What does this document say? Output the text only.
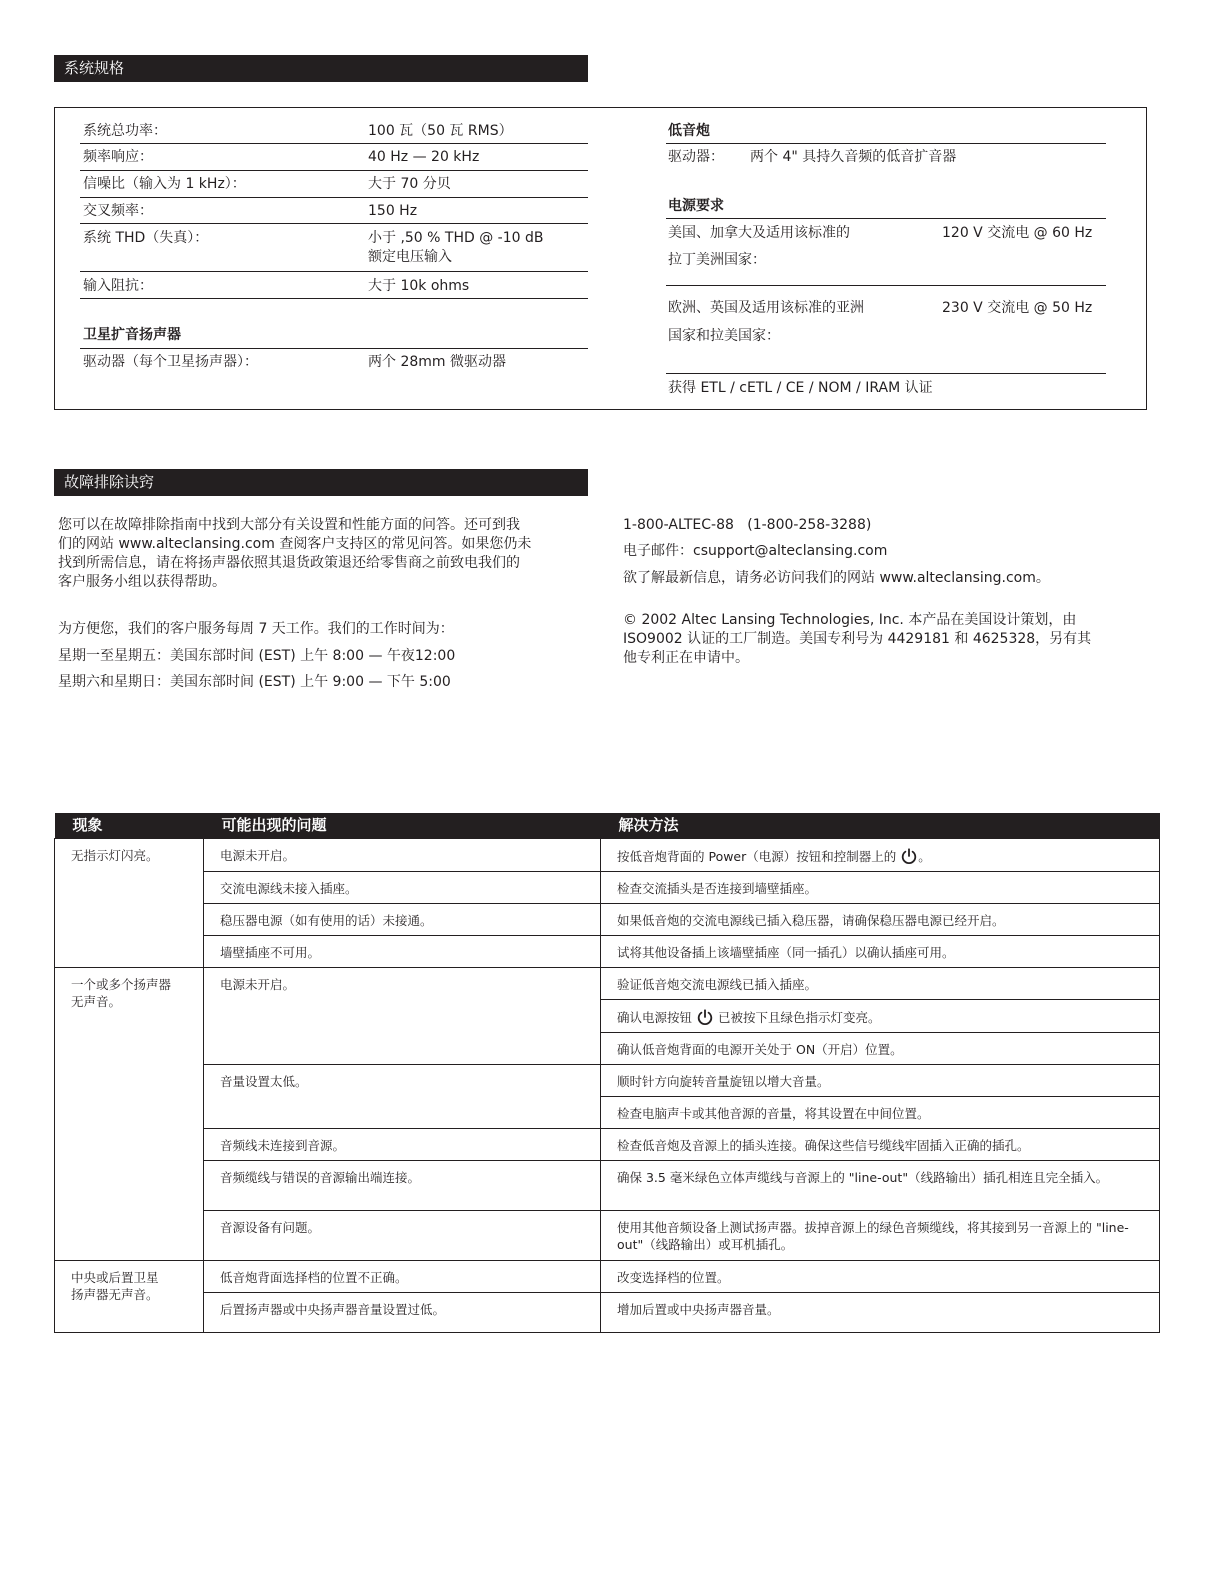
系统规格
系统总功率：	100 瓦（50 瓦 RMS）
频率响应：	40 Hz — 20 kHz
信噪比（输入为 1 kHz）：	大于 70 分贝
交叉频率：	150 Hz
系统 THD（失真）：	小于 ,50 % THD @ -10 dB
额定电压输入
输入阻抗：	大于 10k ohms
卫星扩音扬声器
驱动器（每个卫星扬声器）：	两个 28mm 微驱动器
低音炮
驱动器： 两个 4" 具持久音频的低音扩音器
电源要求
美国、加拿大及适用该标准的
拉丁美洲国家：
120 V 交流电 @ 60 Hz
欧洲、英国及适用该标准的亚洲
国家和拉美国家：
230 V 交流电 @ 50 Hz
获得 ETL / cETL / CE / NOM / IRAM 认证
故障排除诀窍
您可以在故障排除指南中找到大部分有关设置和性能方面的问答。还可到我
们的网站 www.alteclansing.com 查阅客户支持区的常见问答。如果您仍未
找到所需信息，请在将扬声器依照其退货政策退还给零售商之前致电我们的
客户服务小组以获得帮助。
为方便您，我们的客户服务每周 7 天工作。我们的工作时间为：
星期一至星期五：美国东部时间 (EST) 上午 8:00 — 午夜12:00
星期六和星期日：美国东部时间 (EST) 上午 9:00 — 下午 5:00
1-800-ALTEC-88   (1-800-258-3288)
电子邮件：csupport@alteclansing.com
欲了解最新信息，请务必访问我们的网站 www.alteclansing.com。
© 2002 Altec Lansing Technologies, Inc. 本产品在美国设计策划，由
ISO9002 认证的工厂制造。美国专利号为 4429181 和 4625328，另有其
他专利正在申请中。
现象	可能出现的问题	解决方法
无指示灯闪亮。	电源未开启。	按低音炮背面的 Power（电源）按钮和控制器上的 。
	交流电源线未接入插座。	检查交流插头是否连接到墙壁插座。
	稳压器电源（如有使用的话）未接通。	如果低音炮的交流电源线已插入稳压器，请确保稳压器电源已经开启。
	墙壁插座不可用。	试将其他设备插上该墙壁插座（同一插孔）以确认插座可用。
一个或多个扬声器
无声音。	电源未开启。	验证低音炮交流电源线已插入插座。
		确认电源按钮  已被按下且绿色指示灯变亮。
		确认低音炮背面的电源开关处于 ON（开启）位置。
	音量设置太低。	顺时针方向旋转音量旋钮以增大音量。
		检查电脑声卡或其他音源的音量，将其设置在中间位置。
	音频线未连接到音源。	检查低音炮及音源上的插头连接。确保这些信号缆线牢固插入正确的插孔。
	音频缆线与错误的音源输出端连接。	确保 3.5 毫米绿色立体声缆线与音源上的 "line-out"（线路输出）插孔相连且完全插入。
	音源设备有问题。	使用其他音频设备上测试扬声器。拔掉音源上的绿色音频缆线，将其接到另一音源上的 "line-out"（线路输出）或耳机插孔。
中央或后置卫星
扬声器无声音。	低音炮背面选择档的位置不正确。	改变选择档的位置。
	后置扬声器或中央扬声器音量设置过低。	增加后置或中央扬声器音量。
